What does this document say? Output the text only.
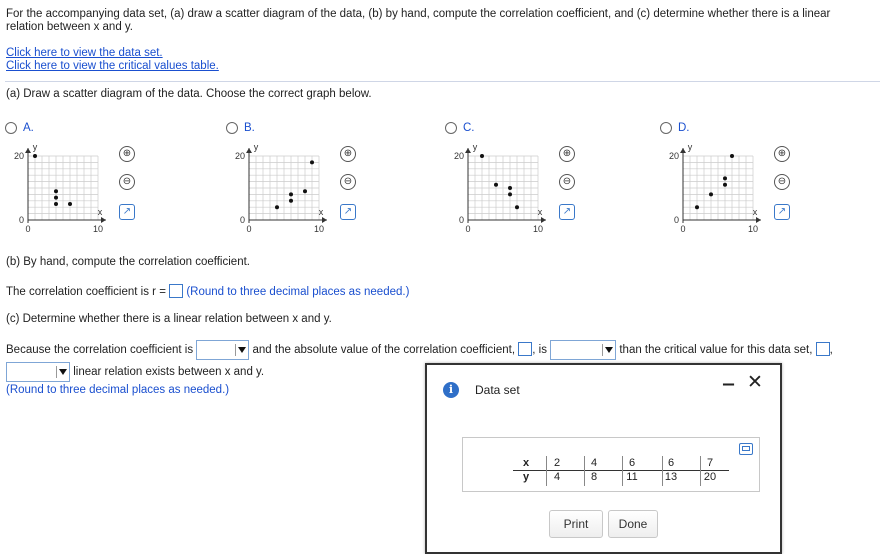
For the accompanying data set, (a) draw a scatter diagram of the data, (b) by hand, compute the correlation coefficient, and (c) determine whether there is a linear
relation between x and y.
Click here to view the data set.
Click here to view the critical values table.
(a) Draw a scatter diagram of the data. Choose the correct graph below.
A.
20
0
0	10
x
y
⊕
⊖
↗
B.
20
0
0	10
x
y
⊕
⊖
↗
C.
20
0
0	10
x
y
⊕
⊖
↗
D.
20
0
0	10
x
y
⊕
⊖
↗
(b) By hand, compute the correlation coefficient.
The correlation coefficient is r = (Round to three decimal places as needed.)
(c) Determine whether there is a linear relation between x and y.
Because the correlation coefficient is	and the absolute value of the correlation coefficient, , is	than the critical value for this data set, ,
linear relation exists between x and y.
(Round to three decimal places as needed.)	i	Data set	‒ ✕
x	2	4	6	6	7
y	4	8	11	13	20
Print	Done
